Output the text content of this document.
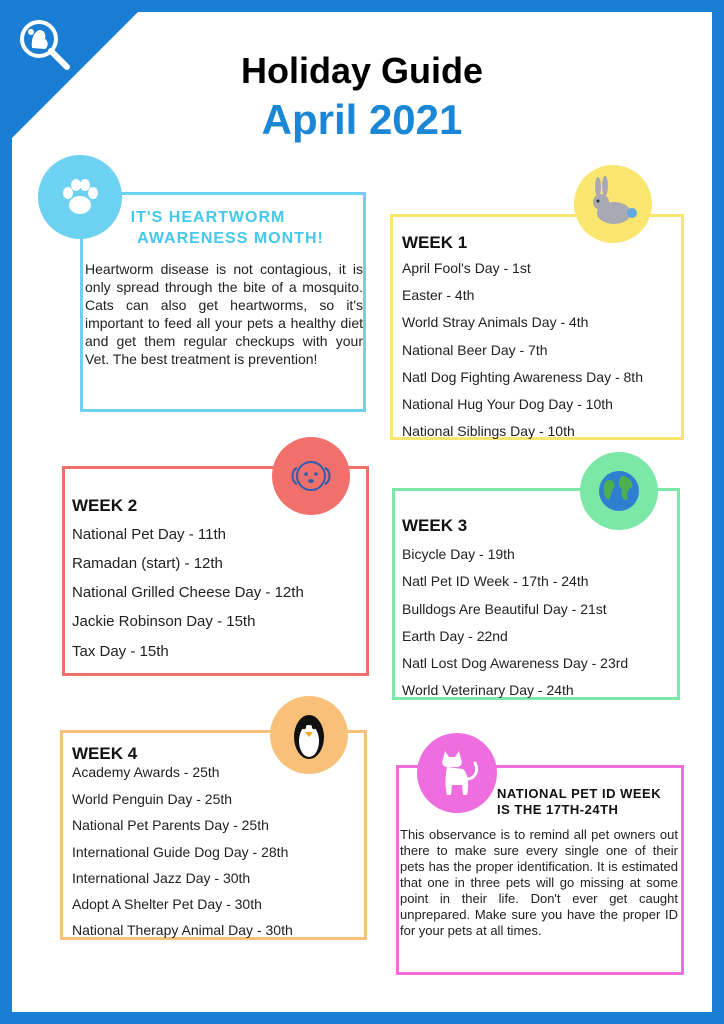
Holiday Guide
April 2021
IT'S HEARTWORM
AWARENESS MONTH!
Heartworm disease is not contagious, it is only spread through the bite of a mosquito. Cats can also get heartworms, so it's important to feed all your pets a healthy diet and get them regular checkups with your Vet. The best treatment is prevention!
WEEK 1
April Fool's Day - 1st
Easter - 4th
World Stray Animals Day - 4th
National Beer Day - 7th
Natl Dog Fighting Awareness Day - 8th
National Hug Your Dog Day - 10th
National Siblings Day - 10th
WEEK 2
National Pet Day - 11th
Ramadan (start) - 12th
National Grilled Cheese Day - 12th
Jackie Robinson Day - 15th
Tax Day - 15th
WEEK 3
Bicycle Day - 19th
Natl Pet ID Week - 17th - 24th
Bulldogs Are Beautiful Day - 21st
Earth Day - 22nd
Natl Lost Dog Awareness Day - 23rd
World Veterinary Day - 24th
WEEK 4
Academy Awards - 25th
World Penguin Day - 25th
National Pet Parents Day - 25th
International Guide Dog Day - 28th
International Jazz Day - 30th
Adopt A Shelter Pet Day - 30th
National Therapy Animal Day - 30th
NATIONAL PET ID WEEK
IS THE 17TH-24TH
This observance is to remind all pet owners out there to make sure every single one of their pets has the proper identification. It is estimated that one in three pets will go missing at some point in their life. Don't ever get caught unprepared. Make sure you have the proper ID for your pets at all times.
